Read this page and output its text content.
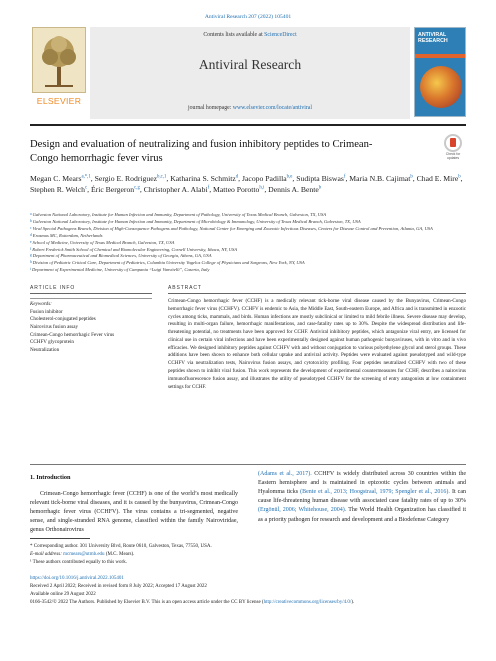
Antiviral Research 207 (2022) 105401
ELSEVIER
Contents lists available at ScienceDirect
Antiviral Research
journal homepage: www.elsevier.com/locate/antiviral
ANTIVIRAL RESEARCH
Design and evaluation of neutralizing and fusion inhibitory peptides to Crimean-Congo hemorrhagic fever virus	Check for updates
Megan C. Mears$^{a,*,1}$, Sergio E. Rodriguez$^{b,c,1}$, Katharina S. Schmitz$^d$, Jacopo Padilla$^{b,e}$, Sudipta Biswas$^f$, Maria N.B. Cajimat$^b$, Chad E. Mire$^b$, Stephen R. Welch$^c$, Éric Bergeron$^{c,g}$, Christopher A. Alabi$^f$, Matteo Porotto$^{h,i}$, Dennis A. Bente$^b$
$^a$Galveston National Laboratory, Institute for Human Infection and Immunity, Department of Pathology, University of Texas Medical Branch, Galveston, TX, USA
$^b$Galveston National Laboratory, Institute for Human Infection and Immunity, Department of Microbiology & Immunology, University of Texas Medical Branch, Galveston, TX, USA
$^c$Viral Special Pathogens Branch, Division of High-Consequence Pathogens and Pathology, National Center for Emerging and Zoonotic Infectious Diseases, Centers for Disease Control and Prevention, Atlanta, GA, USA
$^d$Erasmus MC, Rotterdam, Netherlands
$^e$School of Medicine, University of Texas Medical Branch, Galveston, TX, USA
$^f$Robert Frederick Smith School of Chemical and Biomolecular Engineering, Cornell University, Ithaca, NY, USA
$^g$Department of Pharmaceutical and Biomedical Sciences, University of Georgia, Athens, GA, USA
$^h$Division of Pediatric Critical Care, Department of Pediatrics, Columbia University Vagelos College of Physicians and Surgeons, New York, NY, USA
$^i$Department of Experimental Medicine, University of Campania “Luigi Vanvitelli”, Caserta, Italy
ARTICLE INFO	ABSTRACT
Keywords:
Fusion inhibitor
Cholesterol-conjugated peptides
Nairovirus fusion assay
Crimean-Congo hemorrhagic Fever virus
CCHFV glycoprotein
Neutralization
Crimean-Congo hemorrhagic fever (CCHF) is a medically relevant tick-borne viral disease caused by the Bunyavirus, Crimean-Congo hemorrhagic fever virus (CCHFV). CCHFV is endemic to Asia, the Middle East, South-eastern Europe, and Africa and is transmitted in enzootic cycles among ticks, mammals, and birds. Human infections are mostly subclinical or limited to mild febrile illness. Severe disease may develop, resulting in multi-organ failure, hemorrhagic manifestations, and case-fatality rates up to 30%. Despite the widespread distribution and life-threatening potential, no treatments have been approved for CCHF. Antiviral inhibitory peptides, which antagonize viral entry, are licensed for clinical use in certain viral infections and have been experimentally designed against human pathogenic bunyaviruses, with in vitro and in vivo efficacies. We designed inhibitory peptides against CCHFV with and without conjugation to various polyethylene glycol and sterol groups. These additions have been shown to enhance both cellular uptake and antiviral activity. Peptides were evaluated against pseudotyped and wild-type CCHFV via neutralization tests, Nairovirus fusion assays, and cytotoxicity profiling. Four peptides neutralized CCHFV with two of these peptides shown to inhibit viral fusion. This work represents the development of experimental countermeasures for CCHF, describes a nairovirus immunofluorescence fusion assay, and illustrates the utility of pseudotyped CCHFV for the screening of entry antagonists at low containment settings for CCHF.
1. Introduction
Crimean-Congo hemorrhagic fever (CCHF) is one of the world’s most medically relevant tick-borne viral diseases, and it is caused by the bunyavirus, Crimean-Congo hemorrhagic fever virus (CCHFV). The virus contains a tri-segmented, negative sense, and single-stranded RNA genome, classified within the family Nairoviridae, genus Orthonairovirus
(Adams et al., 2017). CCHFV is widely distributed across 30 countries within the Eastern hemisphere and is maintained in epizootic cycles between animals and Hyalomma ticks (Bente et al., 2013; Hoogstraal, 1979; Spengler et al., 2016). It can cause life-threatening human disease with associated case fatality rates of up to 30% (Ergönül, 2006; Whitehouse, 2004). The World Health Organization has classified it as a priority pathogen for research and development and a Biodefense Category
* Corresponding author. 301 University Blvd, Route 0610, Galveston, Texas, 77550, USA.
E-mail address: mcmears@utmb.edu (M.C. Mears).
¹ These authors contributed equally to this work.
https://doi.org/10.1016/j.antiviral.2022.105401
Received 2 April 2022; Received in revised form 8 July 2022; Accepted 17 August 2022
Available online 29 August 2022
0166-3542/© 2022 The Authors. Published by Elsevier B.V. This is an open access article under the CC BY license (http://creativecommons.org/licenses/by/4.0/).
